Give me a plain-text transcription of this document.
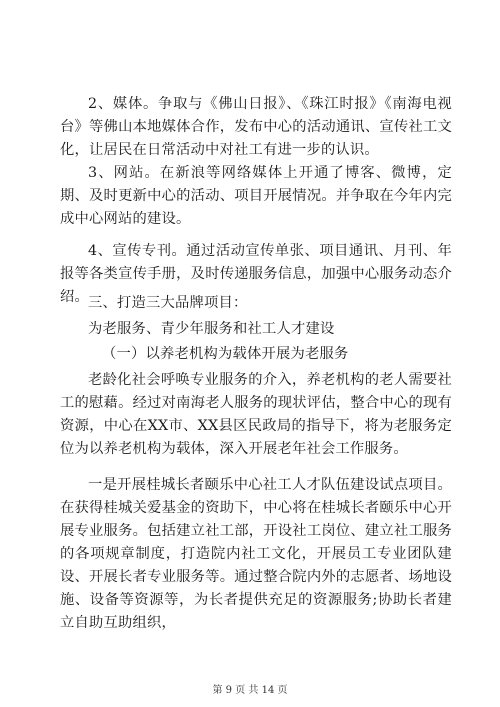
2、媒体。争取与《佛山日报》、《珠江时报》《南海电视台》等佛山本地媒体合作，发布中心的活动通讯、宣传社工文化，让居民在日常活动中对社工有进一步的认识。

3、网站。在新浪等网络媒体上开通了博客、微博，定期、及时更新中心的活动、项目开展情况。并争取在今年内完成中心网站的建设。

4、宣传专刊。通过活动宣传单张、项目通讯、月刊、年报等各类宣传手册，及时传递服务信息，加强中心服务动态介绍。 三、打造三大品牌项目：

为老服务、青少年服务和社工人才建设

（一）以养老机构为载体开展为老服务

老龄化社会呼唤专业服务的介入，养老机构的老人需要社工的慰藉。经过对南海老人服务的现状评估，整合中心的现有资源，中心在XX市、XX县区民政局的指导下，将为老服务定位为以养老机构为载体，深入开展老年社会工作服务。

一是开展桂城长者颐乐中心社工人才队伍建设试点项目。在获得桂城关爱基金的资助下，中心将在桂城长者颐乐中心开展专业服务。包括建立社工部，开设社工岗位、建立社工服务的各项规章制度，打造院内社工文化，开展员工专业团队建设、开展长者专业服务等。通过整合院内外的志愿者、场地设施、设备等资源等，为长者提供充足的资源服务;协助长者建立自助互助组织，

第 9 页 共 14 页
